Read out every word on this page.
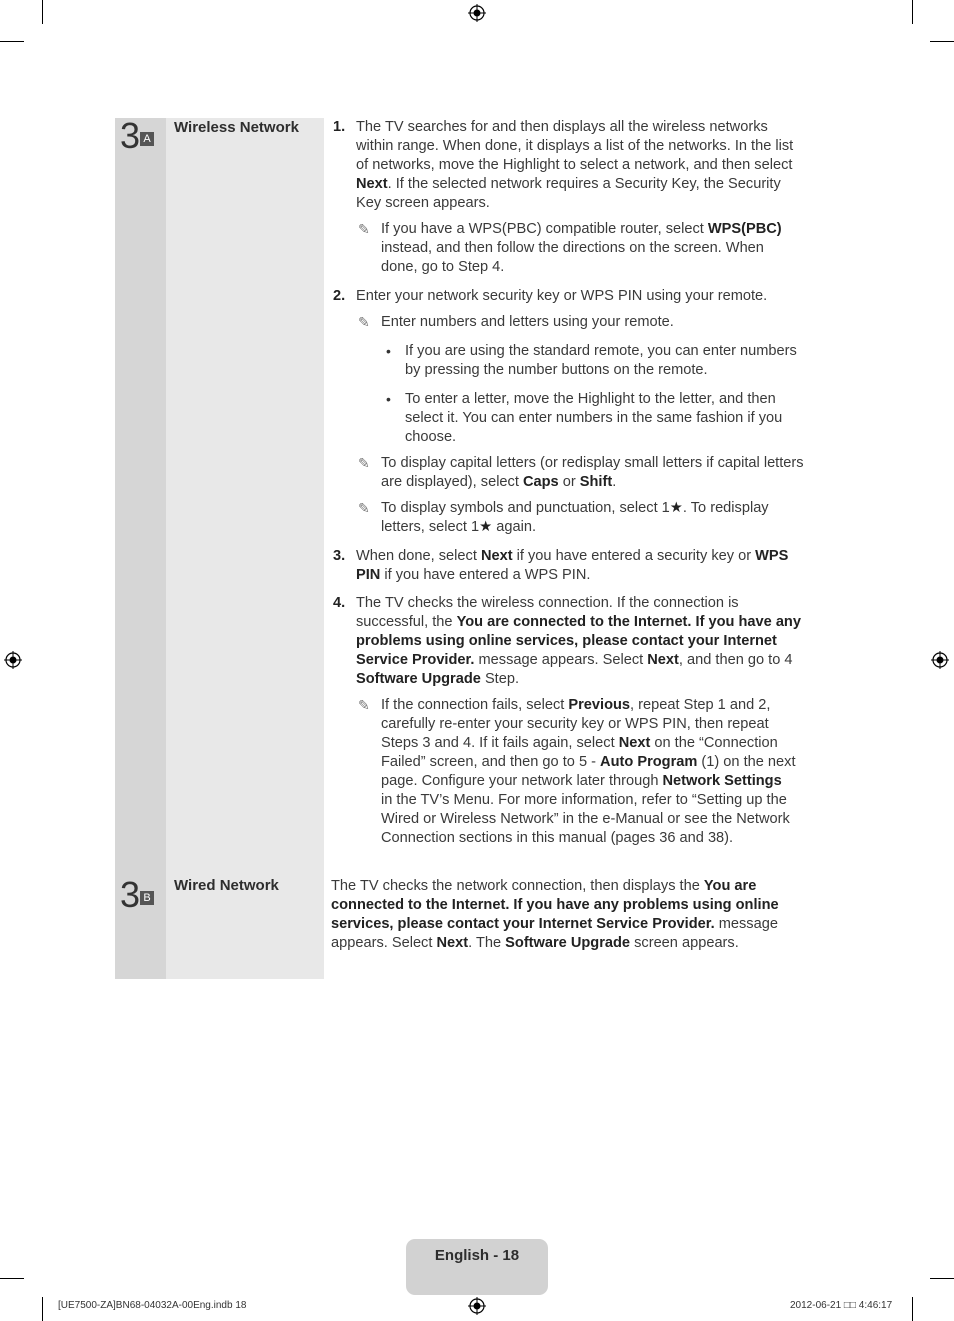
3 A
Wireless Network 1. The TV searches for and then displays all the wireless networks
within range. When done, it displays a list of the networks. In the list
of networks, move the Highlight to select a network, and then select
Next. If the selected network requires a Security Key, the Security
Key screen appears.
✎ If you have a WPS(PBC) compatible router, select WPS(PBC)
instead, and then follow the directions on the screen. When
done, go to Step 4.
2. Enter your network security key or WPS PIN using your remote.
✎ Enter numbers and letters using your remote.
• If you are using the standard remote, you can enter numbers
by pressing the number buttons on the remote.
• To enter a letter, move the Highlight to the letter, and then
select it. You can enter numbers in the same fashion if you
choose.
✎ To display capital letters (or redisplay small letters if capital letters
are displayed), select Caps or Shift.
✎ To display symbols and punctuation, select 1★. To redisplay
letters, select 1★ again.
3. When done, select Next if you have entered a security key or WPS
PIN if you have entered a WPS PIN.
4. The TV checks the wireless connection. If the connection is
successful, the You are connected to the Internet. If you have any
problems using online services, please contact your Internet
Service Provider. message appears. Select Next, and then go to 4
Software Upgrade Step.
✎ If the connection fails, select Previous, repeat Step 1 and 2,
carefully re-enter your security key or WPS PIN, then repeat
Steps 3 and 4. If it fails again, select Next on the “Connection
Failed” screen, and then go to 5 - Auto Program (1) on the next
page. Configure your network later through Network Settings
in the TV’s Menu. For more information, refer to “Setting up the
Wired or Wireless Network” in the e-Manual or see the Network
Connection sections in this manual (pages 36 and 38).
3 B
Wired Network	The TV checks the network connection, then displays the You are
connected to the Internet. If you have any problems using online
services, please contact your Internet Service Provider. message
appears. Select Next. The Software Upgrade screen appears.
English - 18
[UE7500-ZA]BN68-04032A-00Eng.indb 18	2012-06-21 □□ 4:46:17
